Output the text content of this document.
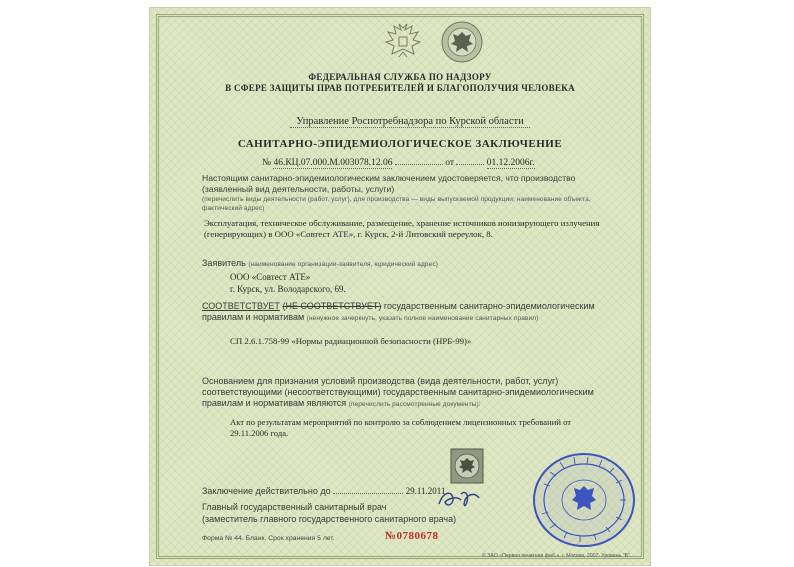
ФЕДЕРАЛЬНАЯ СЛУЖБА ПО НАДЗОРУ

В СФЕРЕ ЗАЩИТЫ ПРАВ ПОТРЕБИТЕЛЕЙ И БЛАГОПОЛУЧИЯ ЧЕЛОВЕКА

Управление Роспотребнадзора по Курской области

САНИТАРНО-ЭПИДЕМИОЛОГИЧЕСКОЕ ЗАКЛЮЧЕНИЕ

№ 46.КЦ.07.000.М.003078.12.06	от	01.12.2006г.

Настоящим санитарно-эпидемиологическим заключением удостоверяется, что производство (заявленный вид деятельности, работы, услуги)

(перечислить виды деятельности (работ, услуг), для производства — виды выпускаемой продукции; наименование объекта, фактический адрес)

Эксплуатация, техническое обслуживание, размещение, хранение источников ионизирующего излучения (генерирующих) в ООО «Совтест АТЕ», г. Курск, 2-й Литовский переулок, 8.

Заявитель (наименование организации-заявителя, юридический адрес)

ООО «Совтест АТЕ»

г. Курск, ул. Володарского, 69.

СООТВЕТСТВУЕТ (НЕ СООТВЕТСТВУЕТ) государственным санитарно-эпидемиологическим правилам и нормативам (ненужное зачеркнуть, указать полное наименование санитарных правил)

СП 2.6.1.758-99 «Нормы радиационной безопасности (НРБ-99)»

Основанием для признания условий производства (вида деятельности, работ, услуг) соответствующими (несоответствующими) государственным санитарно-эпидемиологическим правилам и нормативам являются (перечислить рассмотренные документы):

Акт по результатам мероприятий по контролю за соблюдением лицензионных требований от 29.11.2006 года.

Заключение действительно до	29.11.2011

Главный государственный санитарный врач

(заместитель главного государственного санитарного врача)

Форма № 44. Бланк. Срок хранения 5 лет.	№0780678

© ЗАО «Первая печатная фаб.», г. Москва, 2007. Уровень "В".
